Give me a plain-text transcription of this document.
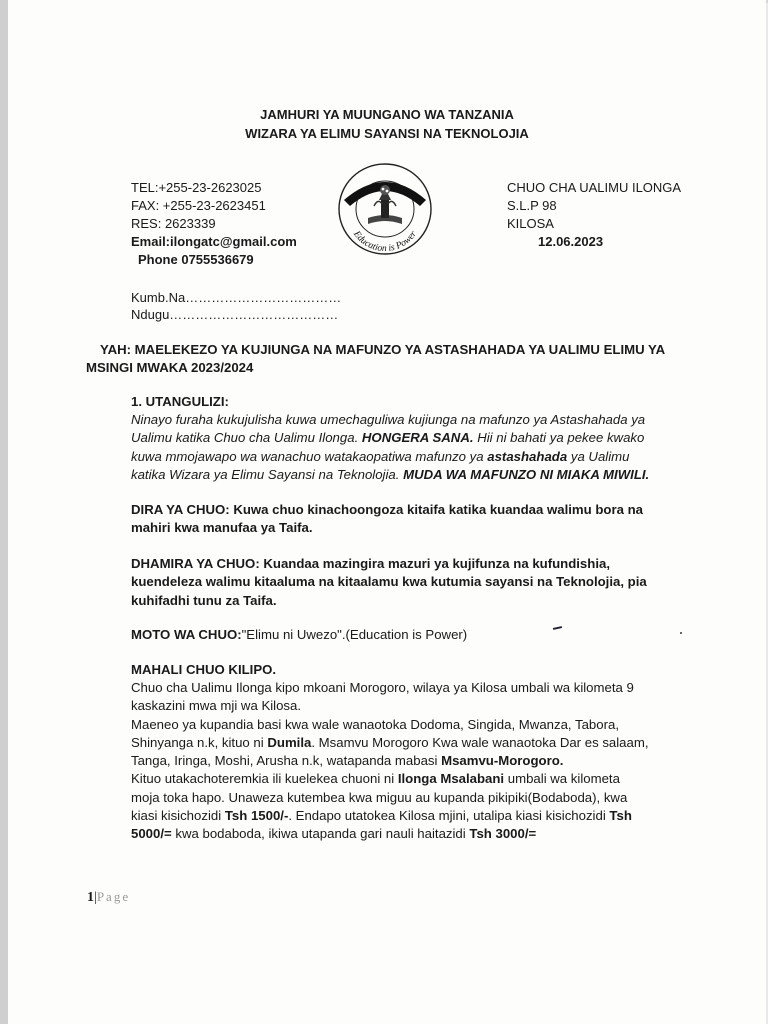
JAMHURI YA MUUNGANO WA TANZANIA
WIZARA YA ELIMU SAYANSI NA TEKNOLOJIA
TEL:+255-23-2623025
FAX: +255-23-2623451
RES: 2623339
Email:ilongatc@gmail.com
Phone 0755536679
Elimu ni Uwezo
Education is Power
CHUO CHA UALIMU ILONGA
S.L.P 98
KILOSA
12.06.2023
Kumb.Na………………………………
Ndugu…………………………………
YAH: MAELEKEZO YA KUJIUNGA NA MAFUNZO YA ASTASHAHADA YA UALIMU ELIMU YA
MSINGI MWAKA 2023/2024
1. UTANGULIZI:
Ninayo furaha kukujulisha kuwa umechaguliwa kujiunga na mafunzo ya Astashahada ya
Ualimu katika Chuo cha Ualimu Ilonga. HONGERA SANA. Hii ni bahati ya pekee kwako
kuwa mmojawapo wa wanachuo watakaopatiwa mafunzo ya astashahada ya Ualimu
katika Wizara ya Elimu Sayansi na Teknolojia. MUDA WA MAFUNZO NI MIAKA MIWILI.
DIRA YA CHUO: Kuwa chuo kinachoongoza kitaifa katika kuandaa walimu bora na
mahiri kwa manufaa ya Taifa.
DHAMIRA YA CHUO: Kuandaa mazingira mazuri ya kujifunza na kufundishia,
kuendeleza walimu kitaaluma na kitaalamu kwa kutumia sayansi na Teknolojia, pia
kuhifadhi tunu za Taifa.
MOTO WA CHUO:"Elimu ni Uwezo".(Education is Power)
MAHALI CHUO KILIPO.
Chuo cha Ualimu Ilonga kipo mkoani Morogoro, wilaya ya Kilosa umbali wa kilometa 9
kaskazini mwa mji wa Kilosa.
Maeneo ya kupandia basi kwa wale wanaotoka Dodoma, Singida, Mwanza, Tabora,
Shinyanga n.k, kituo ni Dumila. Msamvu Morogoro Kwa wale wanaotoka Dar es salaam,
Tanga, Iringa, Moshi, Arusha n.k, watapanda mabasi Msamvu-Morogoro.
Kituo utakachoteremkia ili kuelekea chuoni ni Ilonga Msalabani umbali wa kilometa
moja toka hapo. Unaweza kutembea kwa miguu au kupanda pikipiki(Bodaboda), kwa
kiasi kisichozidi Tsh 1500/-. Endapo utatokea Kilosa mjini, utalipa kiasi kisichozidi Tsh
5000/= kwa bodaboda, ikiwa utapanda gari nauli haitazidi Tsh 3000/=
1|Page
